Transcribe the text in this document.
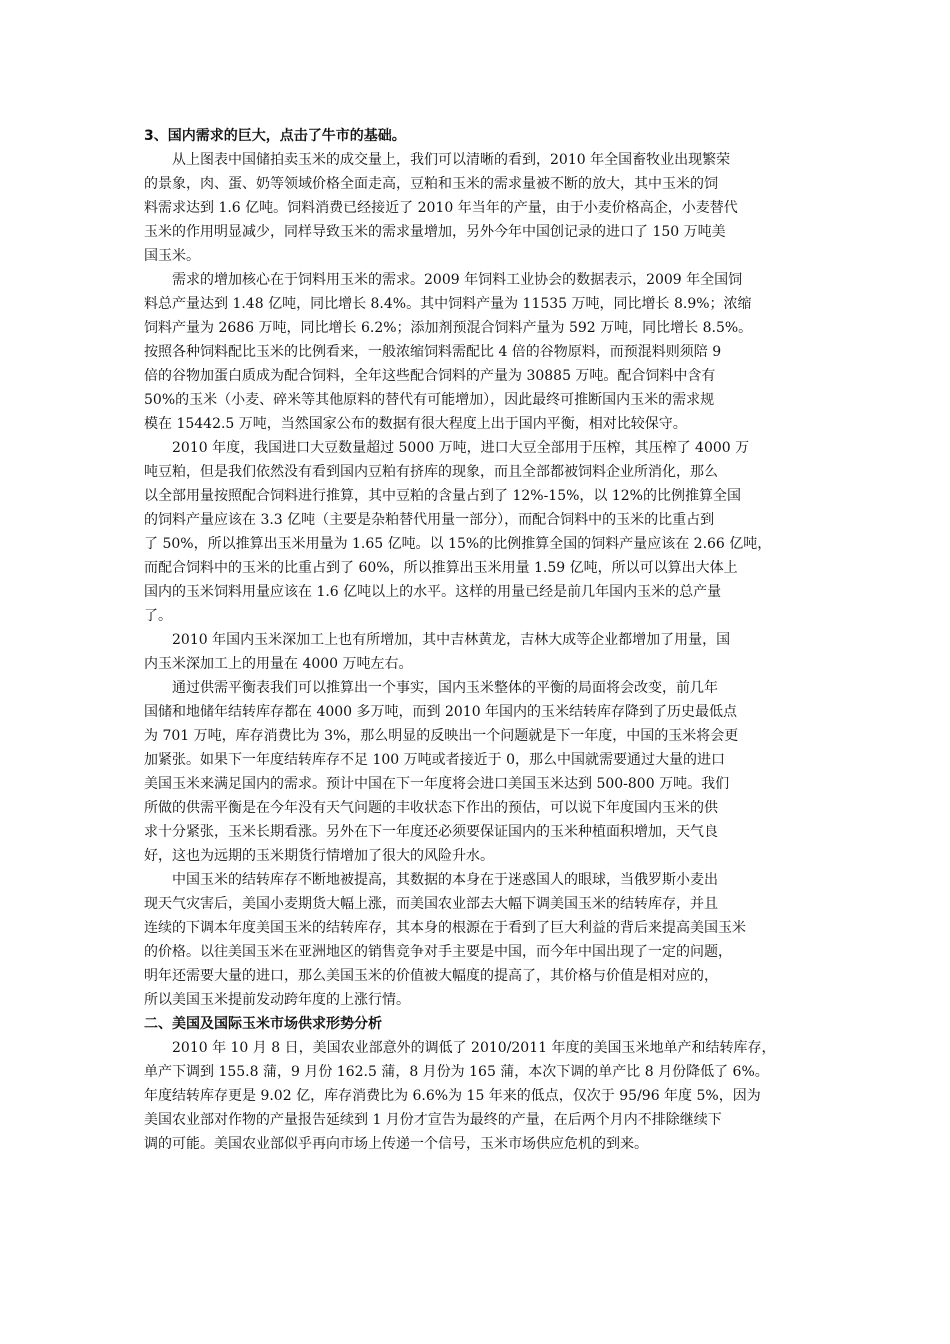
3、国内需求的巨大，点击了牛市的基础。

从上图表中国储拍卖玉米的成交量上，我们可以清晰的看到，2010 年全国畜牧业出现繁荣
的景象，肉、蛋、奶等领域价格全面走高，豆粕和玉米的需求量被不断的放大，其中玉米的饲
料需求达到 1.6 亿吨。饲料消费已经接近了 2010 年当年的产量，由于小麦价格高企，小麦替代
玉米的作用明显减少，同样导致玉米的需求量增加，另外今年中国创记录的进口了 150 万吨美
国玉米。

需求的增加核心在于饲料用玉米的需求。2009 年饲料工业协会的数据表示，2009 年全国饲
料总产量达到 1.48 亿吨，同比增长 8.4%。其中饲料产量为 11535 万吨，同比增长 8.9%；浓缩
饲料产量为 2686 万吨，同比增长 6.2%；添加剂预混合饲料产量为 592 万吨，同比增长 8.5%。
按照各种饲料配比玉米的比例看来，一般浓缩饲料需配比 4 倍的谷物原料，而预混料则须陪 9
倍的谷物加蛋白质成为配合饲料，全年这些配合饲料的产量为 30885 万吨。配合饲料中含有
50%的玉米（小麦、碎米等其他原料的替代有可能增加），因此最终可推断国内玉米的需求规
模在 15442.5 万吨，当然国家公布的数据有很大程度上出于国内平衡，相对比较保守。

2010 年度，我国进口大豆数量超过 5000 万吨，进口大豆全部用于压榨，其压榨了 4000 万
吨豆粕，但是我们依然没有看到国内豆粕有挤库的现象，而且全部都被饲料企业所消化，那么
以全部用量按照配合饲料进行推算，其中豆粕的含量占到了 12%-15%，以 12%的比例推算全国
的饲料产量应该在 3.3 亿吨（主要是杂粕替代用量一部分），而配合饲料中的玉米的比重占到
了 50%，所以推算出玉米用量为 1.65 亿吨。以 15%的比例推算全国的饲料产量应该在 2.66 亿吨，
而配合饲料中的玉米的比重占到了 60%，所以推算出玉米用量 1.59 亿吨，所以可以算出大体上
国内的玉米饲料用量应该在 1.6 亿吨以上的水平。这样的用量已经是前几年国内玉米的总产量
了。

2010 年国内玉米深加工上也有所增加，其中吉林黄龙，吉林大成等企业都增加了用量，国
内玉米深加工上的用量在 4000 万吨左右。

通过供需平衡表我们可以推算出一个事实，国内玉米整体的平衡的局面将会改变，前几年
国储和地储年结转库存都在 4000 多万吨，而到 2010 年国内的玉米结转库存降到了历史最低点
为 701 万吨，库存消费比为 3%，那么明显的反映出一个问题就是下一年度，中国的玉米将会更
加紧张。如果下一年度结转库存不足 100 万吨或者接近于 0，那么中国就需要通过大量的进口
美国玉米来满足国内的需求。预计中国在下一年度将会进口美国玉米达到 500-800 万吨。我们
所做的供需平衡是在今年没有天气问题的丰收状态下作出的预估，可以说下年度国内玉米的供
求十分紧张，玉米长期看涨。另外在下一年度还必须要保证国内的玉米种植面积增加，天气良
好，这也为远期的玉米期货行情增加了很大的风险升水。

中国玉米的结转库存不断地被提高，其数据的本身在于迷惑国人的眼球，当俄罗斯小麦出
现天气灾害后，美国小麦期货大幅上涨，而美国农业部去大幅下调美国玉米的结转库存，并且
连续的下调本年度美国玉米的结转库存，其本身的根源在于看到了巨大利益的背后来提高美国玉米
的价格。以往美国玉米在亚洲地区的销售竞争对手主要是中国，而今年中国出现了一定的问题，
明年还需要大量的进口，那么美国玉米的价值被大幅度的提高了，其价格与价值是相对应的，
所以美国玉米提前发动跨年度的上涨行情。

二、美国及国际玉米市场供求形势分析

2010 年 10 月 8 日，美国农业部意外的调低了 2010/2011 年度的美国玉米地单产和结转库存，
单产下调到 155.8 蒲，9 月份 162.5 蒲，8 月份为 165 蒲，本次下调的单产比 8 月份降低了 6%。
年度结转库存更是 9.02 亿，库存消费比为 6.6%为 15 年来的低点，仅次于 95/96 年度 5%，因为
美国农业部对作物的产量报告延续到 1 月份才宣告为最终的产量，在后两个月内不排除继续下
调的可能。美国农业部似乎再向市场上传递一个信号，玉米市场供应危机的到来。
